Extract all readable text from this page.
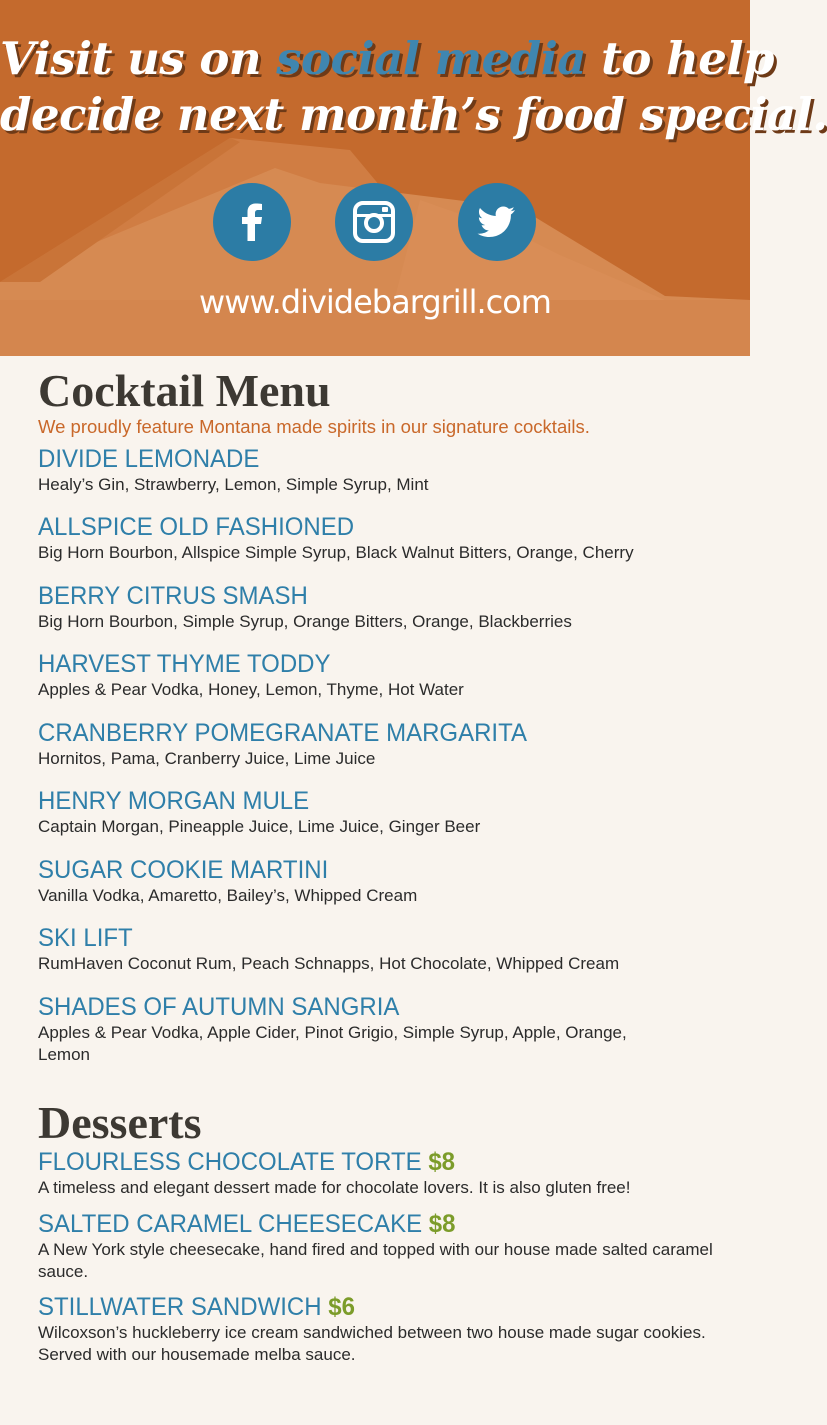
Visit us on social media to help
decide next month’s food special.
www.dividebargrill.com
Cocktail Menu
We proudly feature Montana made spirits in our signature cocktails.
DIVIDE LEMONADE
Healy’s Gin, Strawberry, Lemon, Simple Syrup, Mint
ALLSPICE OLD FASHIONED
Big Horn Bourbon, Allspice Simple Syrup, Black Walnut Bitters, Orange, Cherry
BERRY CITRUS SMASH
Big Horn Bourbon, Simple Syrup, Orange Bitters, Orange, Blackberries
HARVEST THYME TODDY
Apples & Pear Vodka, Honey, Lemon, Thyme, Hot Water
CRANBERRY POMEGRANATE MARGARITA
Hornitos, Pama, Cranberry Juice, Lime Juice
HENRY MORGAN MULE
Captain Morgan, Pineapple Juice, Lime Juice, Ginger Beer
SUGAR COOKIE MARTINI
Vanilla Vodka, Amaretto, Bailey’s, Whipped Cream
SKI LIFT
RumHaven Coconut Rum, Peach Schnapps, Hot Chocolate, Whipped Cream
SHADES OF AUTUMN SANGRIA
Apples & Pear Vodka, Apple Cider, Pinot Grigio, Simple Syrup, Apple, Orange, Lemon
Desserts
FLOURLESS CHOCOLATE TORTE $8
A timeless and elegant dessert made for chocolate lovers. It is also gluten free!
SALTED CARAMEL CHEESECAKE $8
A New York style cheesecake, hand fired and topped with our house made salted caramel sauce.
STILLWATER SANDWICH $6
Wilcoxson’s huckleberry ice cream sandwiched between two house made sugar cookies. Served with our housemade melba sauce.
